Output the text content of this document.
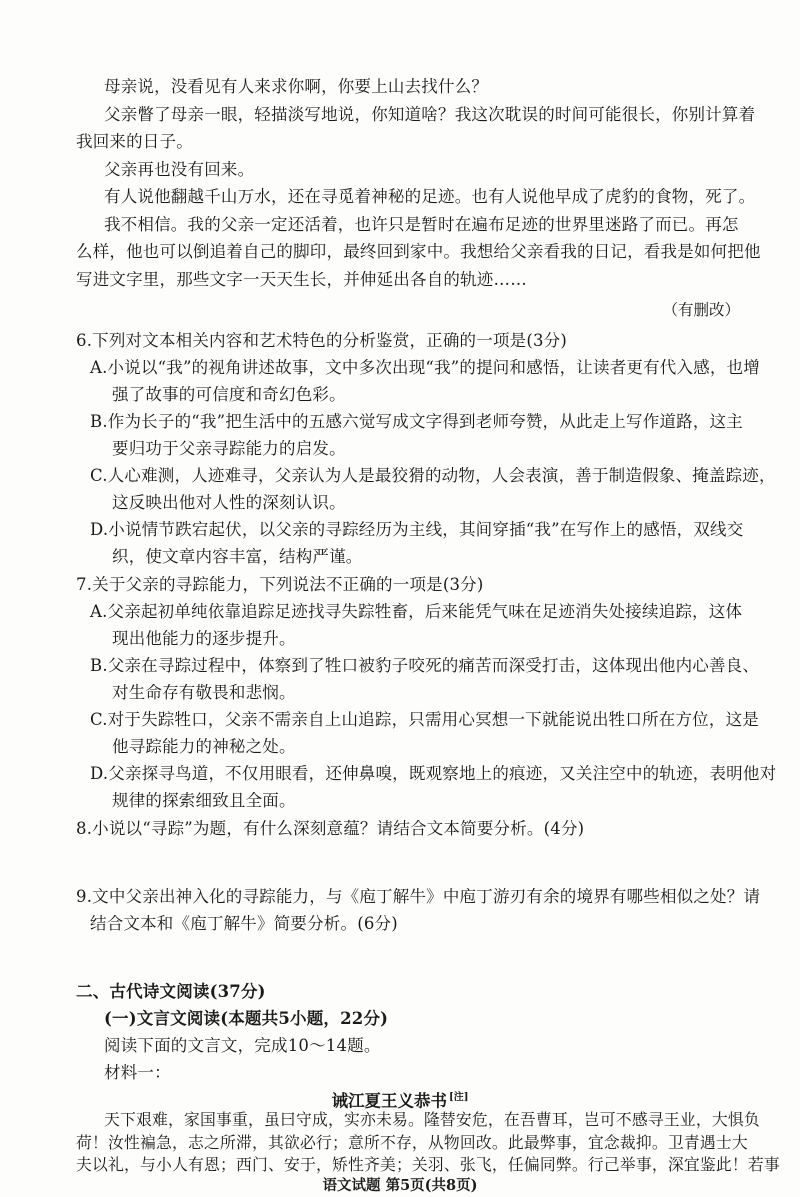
母亲说，没看见有人来求你啊，你要上山去找什么？
父亲瞥了母亲一眼，轻描淡写地说，你知道啥？我这次耽误的时间可能很长，你别计算着
我回来的日子。
父亲再也没有回来。
有人说他翻越千山万水，还在寻觅着神秘的足迹。也有人说他早成了虎豹的食物，死了。
我不相信。我的父亲一定还活着，也许只是暂时在遍布足迹的世界里迷路了而已。再怎
么样，他也可以倒追着自己的脚印，最终回到家中。我想给父亲看我的日记，看我是如何把他
写进文字里，那些文字一天天生长，并伸延出各自的轨迹……
（有删改）
6.下列对文本相关内容和艺术特色的分析鉴赏，正确的一项是(3分)
A.小说以“我”的视角讲述故事，文中多次出现“我”的提问和感悟，让读者更有代入感，也增
强了故事的可信度和奇幻色彩。
B.作为长子的“我”把生活中的五感六觉写成文字得到老师夸赞，从此走上写作道路，这主
要归功于父亲寻踪能力的启发。
C.人心难测，人迹难寻，父亲认为人是最狡猾的动物，人会表演，善于制造假象、掩盖踪迹，
这反映出他对人性的深刻认识。
D.小说情节跌宕起伏，以父亲的寻踪经历为主线，其间穿插“我”在写作上的感悟，双线交
织，使文章内容丰富，结构严谨。
7.关于父亲的寻踪能力，下列说法不正确的一项是(3分)
A.父亲起初单纯依靠追踪足迹找寻失踪牲畜，后来能凭气味在足迹消失处接续追踪，这体
现出他能力的逐步提升。
B.父亲在寻踪过程中，体察到了牲口被豹子咬死的痛苦而深受打击，这体现出他内心善良、
对生命存有敬畏和悲悯。
C.对于失踪牲口，父亲不需亲自上山追踪，只需用心冥想一下就能说出牲口所在方位，这是
他寻踪能力的神秘之处。
D.父亲探寻鸟道，不仅用眼看，还伸鼻嗅，既观察地上的痕迹，又关注空中的轨迹，表明他对
规律的探索细致且全面。
8.小说以“寻踪”为题，有什么深刻意蕴？请结合文本简要分析。(4分)
9.文中父亲出神入化的寻踪能力，与《庖丁解牛》中庖丁游刃有余的境界有哪些相似之处？请
结合文本和《庖丁解牛》简要分析。(6分)
二、古代诗文阅读(37分)
(一)文言文阅读(本题共5小题，22分)
阅读下面的文言文，完成10～14题。
材料一：
诫江夏王义恭书 [注]
天下艰难，家国事重，虽曰守成，实亦未易。隆替安危，在吾曹耳，岂可不感寻王业，大惧负
荷！汝性褊急，志之所滞，其欲必行；意所不存，从物回改。此最弊事，宜念裁抑。卫青遇士大
语文试题 第5页(共8页)
夫以礼，与小人有恩；西门、安于，矫性齐美；关羽、张飞，任偏同弊。行己举事，深宜鉴此！若事
